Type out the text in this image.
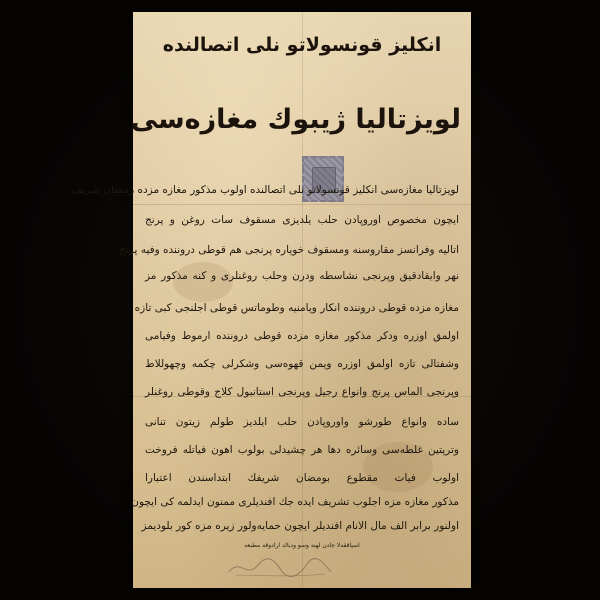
انكليز قونسولاتو نلى اتصالنده
لويزتاليا ژيبوك مغازه‌سى
لويزتاليا مغازه‌سى انكليز قونسولاتو نلى اتصالنده اولوب مذكور مغازه مزده رمضان شريف
ايچون مخصوص اوروپادن حلب يلديزى مسقوف سات روغن و پرنج
اتاليه وفرانسز مقاروسنه ومسقوف خوياره پرنجى هم قوطى دروننده وفيه پرنج
نهر وايقادقيق وپرنجى نشاسطه ودرن وحلب روغنلرى و كنه مذكور مز
مغازه مزده قوطى دروننده انكار ويامنيه وطوماتس قوطى اجلنجى كبى تازه
اولمق اوزره ودكر مذكور مغازه مزده قوطى دروننده ارموط وفيامى
وشفتالى تازه اولمق اوزره ويمن قهوه‌سى وشكرلى چكمه وچهوللاط
وپرنجى الماس پرنج وانواع رجيل وپرنجى استانبول كلاج وقوطى روغنلر
ساده وانواع طورشو واوروپادن حلب ايلديز طولم زيتون تنانى
وترپتين غلطه‌سى وسائره دها هر چشيدلى بولوب اهون فياتله فروخت
اولوب فيات مقطوع بومضان شريفك ابتداسندن اعتبارا
مذكور مغازه مزه اجلوب تشريف ايده جك افنديلرى ممنون ايدلمه كى ايچون
اولنور برابر الف مال الانام افنديلر ايچون حمايه‌ولور زيره مزه كور بلوديمز
اسپاققه‌لا جادن لهنه وسو ودبالد ارادوقه مطبعه
